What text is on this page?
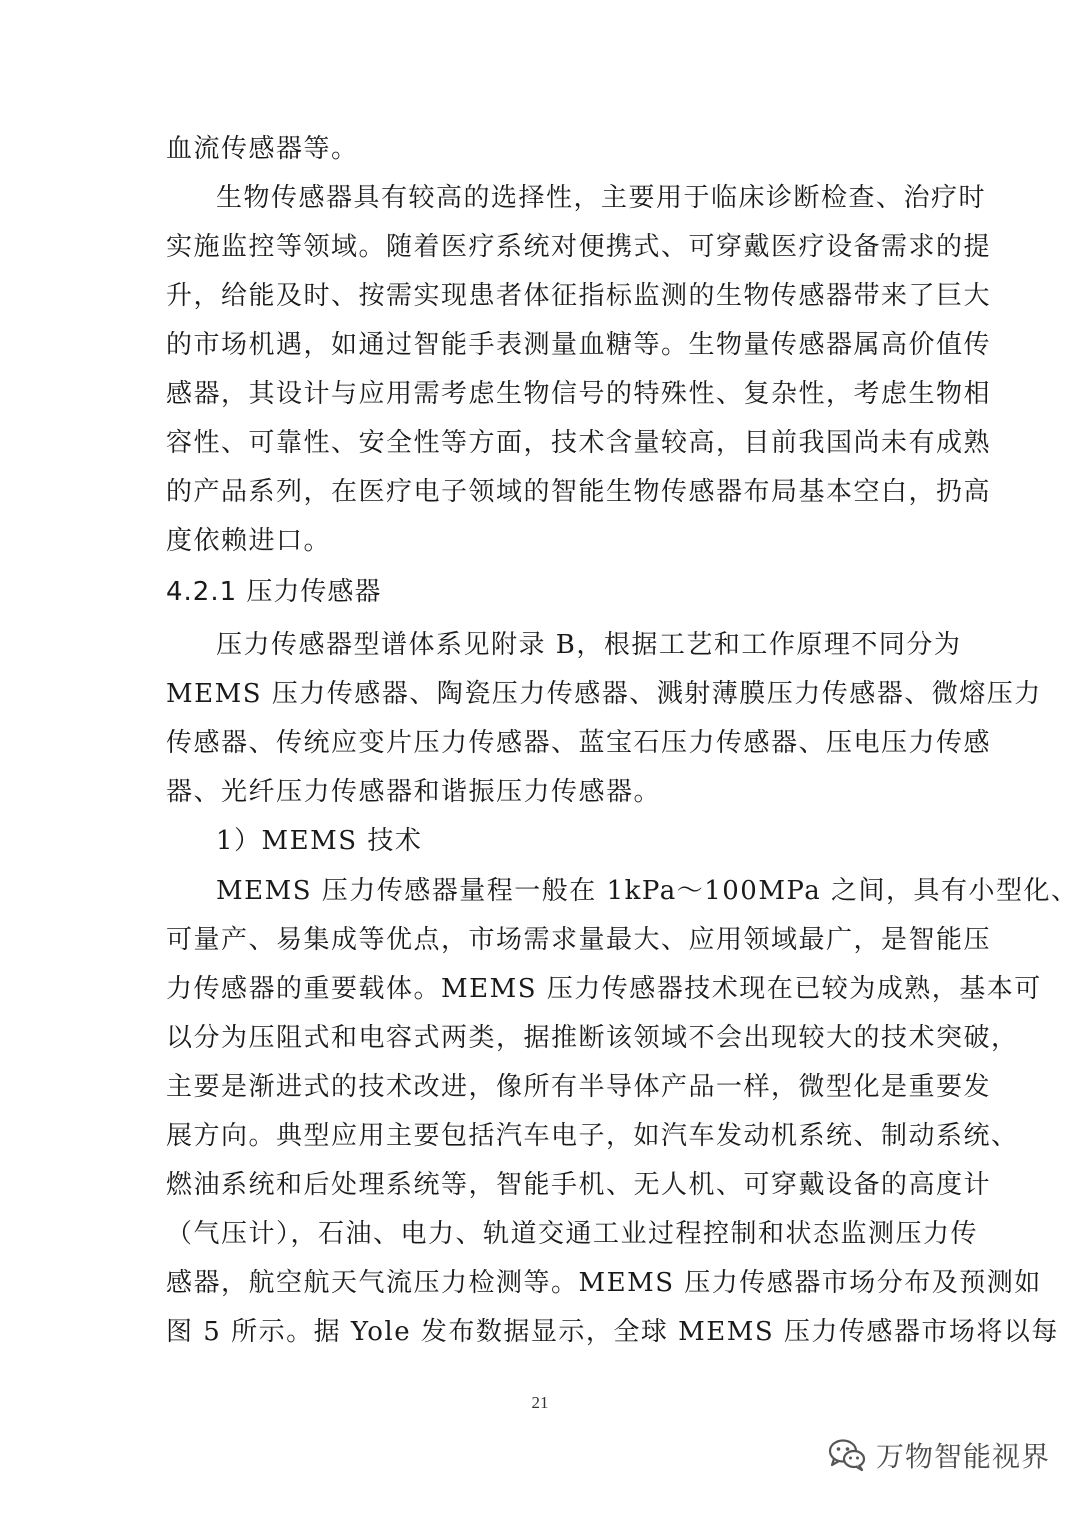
血流传感器等。
生物传感器具有较高的选择性，主要用于临床诊断检查、治疗时
实施监控等领域。随着医疗系统对便携式、可穿戴医疗设备需求的提
升，给能及时、按需实现患者体征指标监测的生物传感器带来了巨大
的市场机遇，如通过智能手表测量血糖等。生物量传感器属高价值传
感器，其设计与应用需考虑生物信号的特殊性、复杂性，考虑生物相
容性、可靠性、安全性等方面，技术含量较高，目前我国尚未有成熟
的产品系列，在医疗电子领域的智能生物传感器布局基本空白，扔高
度依赖进口。
4.2.1 压力传感器
压力传感器型谱体系见附录 B，根据工艺和工作原理不同分为
MEMS 压力传感器、陶瓷压力传感器、溅射薄膜压力传感器、微熔压力
传感器、传统应变片压力传感器、蓝宝石压力传感器、压电压力传感
器、光纤压力传感器和谐振压力传感器。
1）MEMS 技术
MEMS 压力传感器量程一般在 1kPa～100MPa 之间，具有小型化、
可量产、易集成等优点，市场需求量最大、应用领域最广，是智能压
力传感器的重要载体。MEMS 压力传感器技术现在已较为成熟，基本可
以分为压阻式和电容式两类，据推断该领域不会出现较大的技术突破，
主要是渐进式的技术改进，像所有半导体产品一样，微型化是重要发
展方向。典型应用主要包括汽车电子，如汽车发动机系统、制动系统、
燃油系统和后处理系统等，智能手机、无人机、可穿戴设备的高度计
（气压计），石油、电力、轨道交通工业过程控制和状态监测压力传
感器，航空航天气流压力检测等。MEMS 压力传感器市场分布及预测如
图 5 所示。据 Yole 发布数据显示，全球 MEMS 压力传感器市场将以每
21
万物智能视界
